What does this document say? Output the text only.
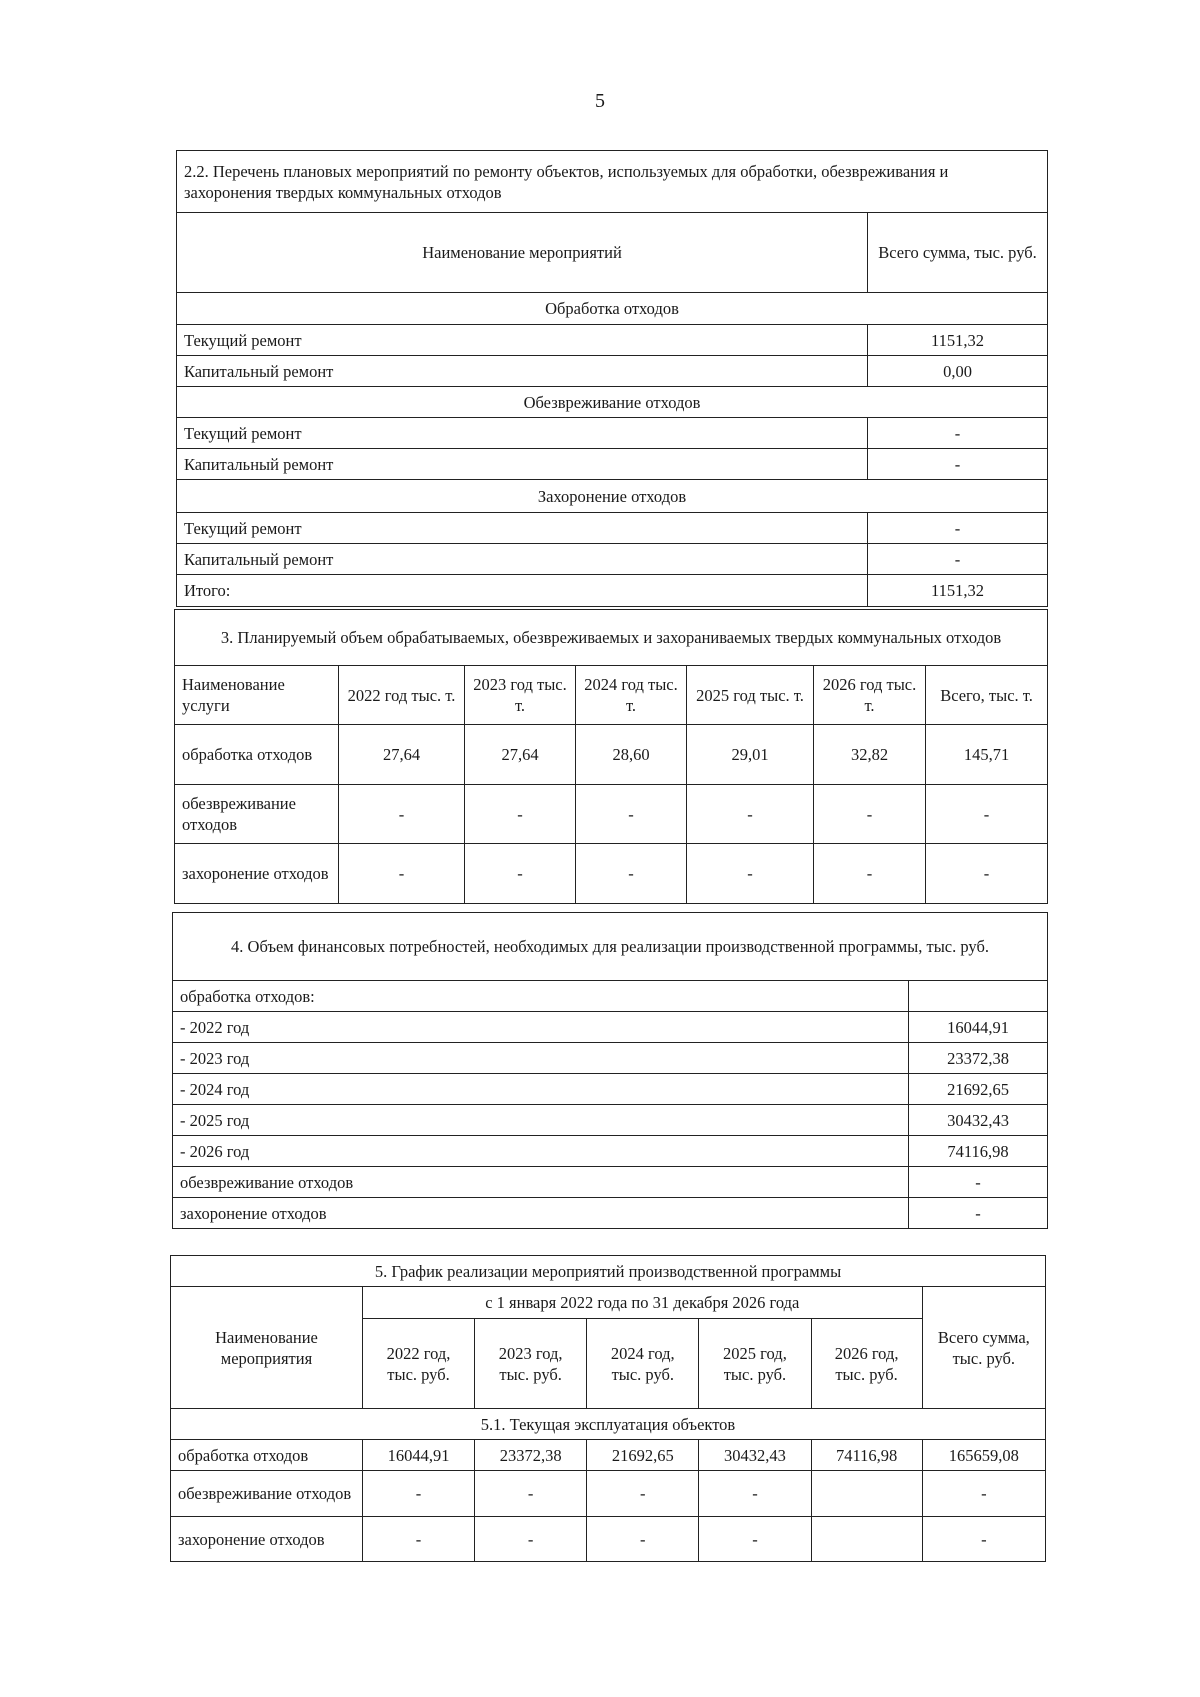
5
2.2. Перечень плановых мероприятий по ремонту объектов, используемых для обработки, обезвреживания и захоронения твердых коммунальных отходов	
Наименование мероприятий	Всего сумма, тыс. руб.
Обработка отходов	
Текущий ремонт	1151,32
Капитальный ремонт	0,00
Обезвреживание отходов	
Текущий ремонт	-
Капитальный ремонт	-
Захоронение отходов	
Текущий ремонт	-
Капитальный ремонт	-
Итого:	1151,32
3. Планируемый объем обрабатываемых, обезвреживаемых и захораниваемых твердых коммунальных отходов						
Наименование услуги	2022 год тыс. т.	2023 год тыс. т.	2024 год тыс. т.	2025 год тыс. т.	2026 год тыс. т.	Всего, тыс. т.
обработка отходов	27,64	27,64	28,60	29,01	32,82	145,71
обезвреживание отходов	-	-	-	-	-	-
захоронение отходов	-	-	-	-	-	-
4. Объем финансовых потребностей, необходимых для реализации производственной программы, тыс. руб.	
обработка отходов:	
- 2022 год	16044,91
- 2023 год	23372,38
- 2024 год	21692,65
- 2025 год	30432,43
- 2026 год	74116,98
обезвреживание отходов	-
захоронение отходов	-
5. График реализации мероприятий производственной программы						
Наименование мероприятия	с 1 января 2022 года по 31 декабря 2026 года					Всего сумма, тыс. руб.
	2022 год, тыс. руб.	2023 год, тыс. руб.	2024 год, тыс. руб.	2025 год, тыс. руб.	2026 год, тыс. руб.	
5.1. Текущая эксплуатация объектов						
обработка отходов	16044,91	23372,38	21692,65	30432,43	74116,98	165659,08
обезвреживание отходов	-	-	-	-		-
захоронение отходов	-	-	-	-		-
